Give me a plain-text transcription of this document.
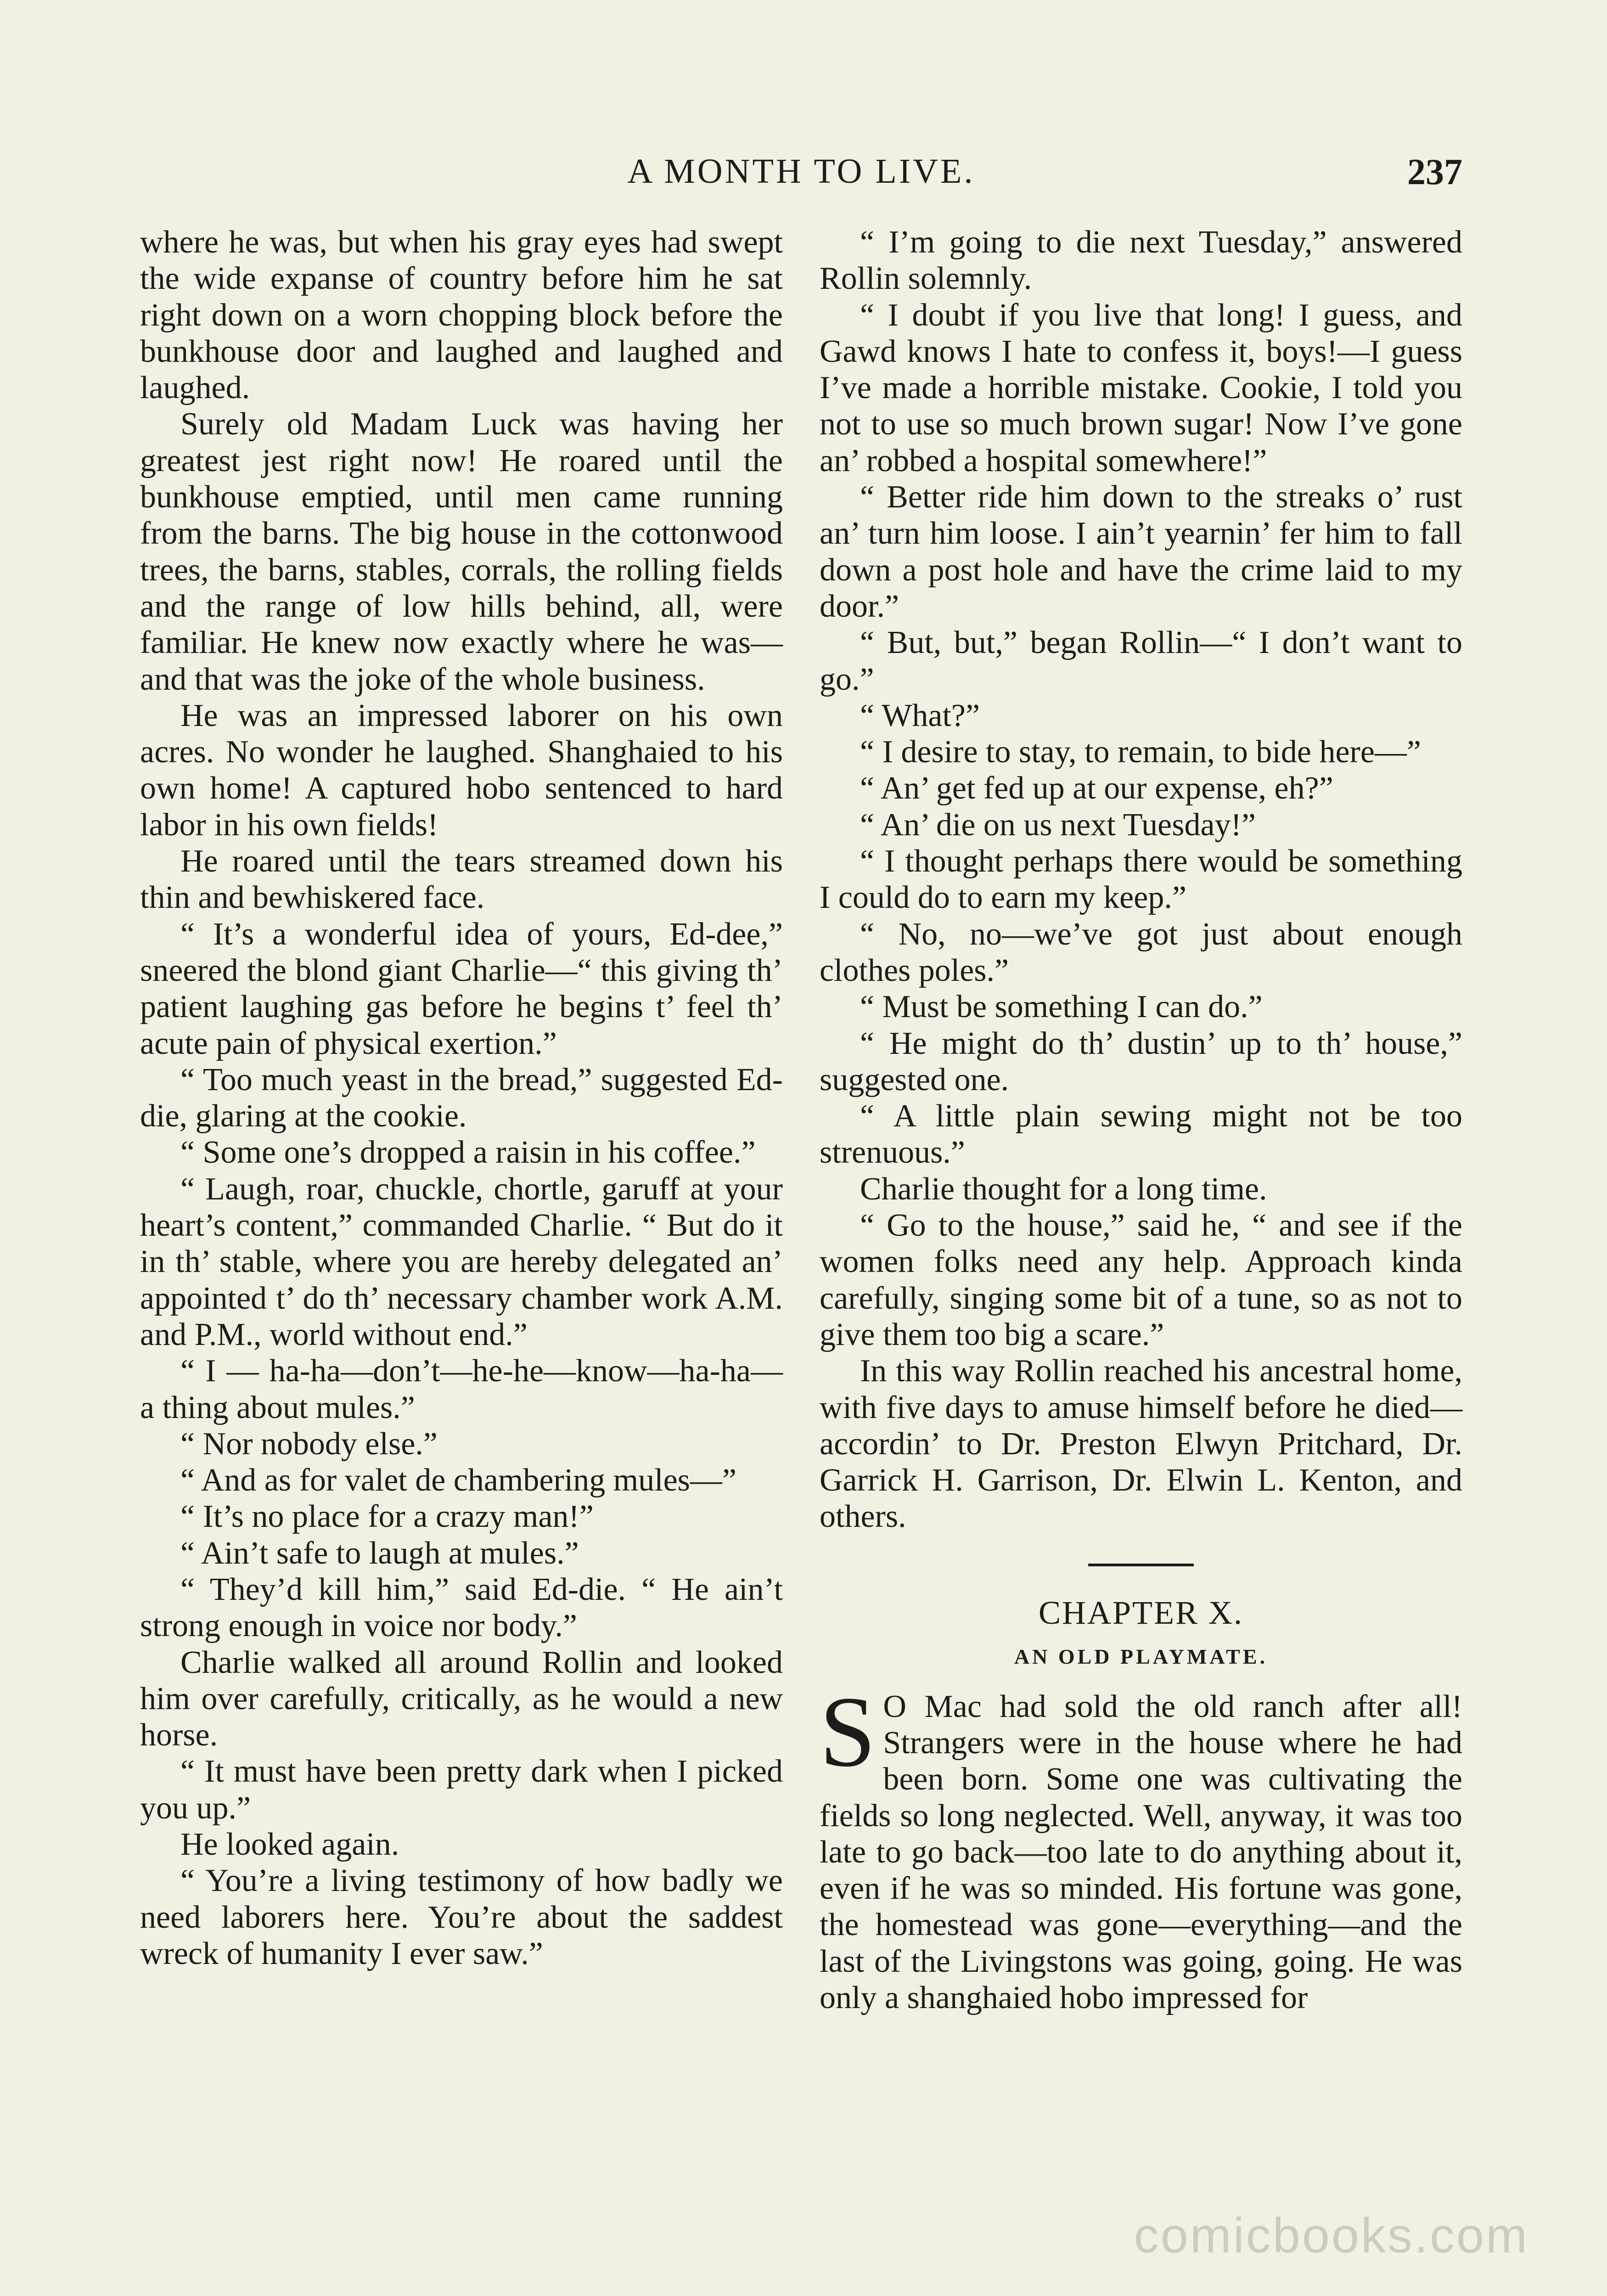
A MONTH TO LIVE.	237

where he was, but when his gray eyes had swept the wide expanse of country before him he sat right down on a worn chopping block before the bunkhouse door and laughed and laughed and laughed.

Surely old Madam Luck was having her greatest jest right now! He roared until the bunkhouse emptied, until men came running from the barns. The big house in the cottonwood trees, the barns, stables, corrals, the rolling fields and the range of low hills behind, all, were familiar. He knew now exactly where he was—and that was the joke of the whole business.

He was an impressed laborer on his own acres. No wonder he laughed. Shanghaied to his own home! A captured hobo sentenced to hard labor in his own fields!

He roared until the tears streamed down his thin and bewhiskered face.

“ It’s a wonderful idea of yours, Ed-dee,” sneered the blond giant Charlie—“ this giving th’ patient laughing gas before he begins t’ feel th’ acute pain of physical exertion.”

“ Too much yeast in the bread,” suggested Ed-die, glaring at the cookie.

“ Some one’s dropped a raisin in his coffee.”

“ Laugh, roar, chuckle, chortle, garuff at your heart’s content,” commanded Charlie. “ But do it in th’ stable, where you are hereby delegated an’ appointed t’ do th’ necessary chamber work A.M. and P.M., world without end.”

“ I — ha-ha—don’t—he-he—know—ha-ha—a thing about mules.”

“ Nor nobody else.”

“ And as for valet de chambering mules—”

“ It’s no place for a crazy man!”

“ Ain’t safe to laugh at mules.”

“ They’d kill him,” said Ed-die. “ He ain’t strong enough in voice nor body.”

Charlie walked all around Rollin and looked him over carefully, critically, as he would a new horse.

“ It must have been pretty dark when I picked you up.”

He looked again.

“ You’re a living testimony of how badly we need laborers here. You’re about the saddest wreck of humanity I ever saw.”

“ I’m going to die next Tuesday,” answered Rollin solemnly.

“ I doubt if you live that long! I guess, and Gawd knows I hate to confess it, boys!—I guess I’ve made a horrible mistake. Cookie, I told you not to use so much brown sugar! Now I’ve gone an’ robbed a hospital somewhere!”

“ Better ride him down to the streaks o’ rust an’ turn him loose. I ain’t yearnin’ fer him to fall down a post hole and have the crime laid to my door.”

“ But, but,” began Rollin—“ I don’t want to go.”

“ What?”

“ I desire to stay, to remain, to bide here—”

“ An’ get fed up at our expense, eh?”

“ An’ die on us next Tuesday!”

“ I thought perhaps there would be something I could do to earn my keep.”

“ No, no—we’ve got just about enough clothes poles.”

“ Must be something I can do.”

“ He might do th’ dustin’ up to th’ house,” suggested one.

“ A little plain sewing might not be too strenuous.”

Charlie thought for a long time.

“ Go to the house,” said he, “ and see if the women folks need any help. Approach kinda carefully, singing some bit of a tune, so as not to give them too big a scare.”

In this way Rollin reached his ancestral home, with five days to amuse himself before he died—accordin’ to Dr. Preston Elwyn Pritchard, Dr. Garrick H. Garrison, Dr. Elwin L. Kenton, and others.

CHAPTER X.
AN OLD PLAYMATE.
S O Mac had sold the old ranch after all! Strangers were in the house where he had been born. Some one was cultivating the fields so long neglected. Well, anyway, it was too late to go back—too late to do anything about it, even if he was so minded. His fortune was gone, the homestead was gone—everything—and the last of the Livingstons was going, going. He was only a shanghaied hobo impressed for

comicbooks.com
